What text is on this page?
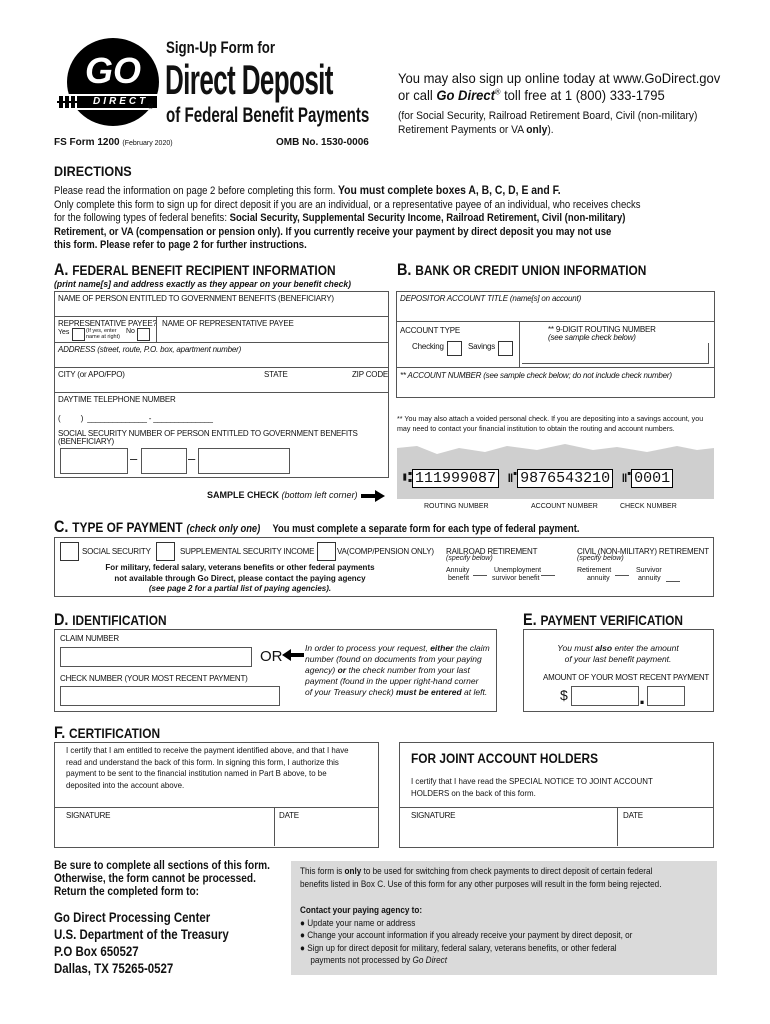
GO
DIRECT
®
Sign-Up Form for
Direct Deposit
of Federal Benefit Payments
FS Form 1200 (February 2020)	OMB No. 1530-0006
You may also sign up online today at www.GoDirect.gov
or call Go Direct® toll free at 1 (800) 333-1795
(for Social Security, Railroad Retirement Board, Civil (non-military)
Retirement Payments or VA only).
DIRECTIONS
Please read the information on page 2 before completing this form. You must complete boxes A, B, C, D, E and F.
Only complete this form to sign up for direct deposit if you are an individual, or a representative payee of an individual, who receives checks
for the following types of federal benefits: Social Security, Supplemental Security Income, Railroad Retirement, Civil (non-military)
Retirement, or VA (compensation or pension only). If you currently receive your payment by direct deposit you may not use
this form. Please refer to page 2 for further instructions.
A. FEDERAL BENEFIT RECIPIENT INFORMATION
(print name[s] and address exactly as they appear on your benefit check)
NAME OF PERSON ENTITLED TO GOVERNMENT BENEFITS (BENEFICIARY)
REPRESENTATIVE PAYEE?
Yes	(If yes, enter name at right)
No
NAME OF REPRESENTATIVE PAYEE
ADDRESS (street, route, P.O. box, apartment number)
CITY (or APO/FPO)	STATE	ZIP CODE
DAYTIME TELEPHONE NUMBER
(          )  ______________ - ______________
SOCIAL SECURITY NUMBER OF PERSON ENTITLED TO GOVERNMENT BENEFITS
(BENEFICIARY)
–	–
B. BANK OR CREDIT UNION INFORMATION
DEPOSITOR ACCOUNT TITLE (name[s] on account)
ACCOUNT TYPE
Checking	Savings
** 9-DIGIT ROUTING NUMBER
(see sample check below)
** ACCOUNT NUMBER (see sample check below; do not include check number)
** You may also attach a voided personal check. If you are depositing into a savings account, you
may need to contact your financial institution to obtain the routing and account numbers.
⑆ 111999087 ⑈ 9876543210 ⑈ 0001
SAMPLE CHECK (bottom left corner)
ROUTING NUMBER	ACCOUNT NUMBER	CHECK NUMBER
C. TYPE OF PAYMENT (check only one) You must complete a separate form for each type of federal payment.
SOCIAL SECURITY	SUPPLEMENTAL SECURITY INCOME	VA(COMP/PENSION ONLY) RAILROAD RETIREMENT
(specify below)
Annuity
benefit
Unemployment
survivor benefit
CIVIL (NON-MILITARY) RETIREMENT
(specify below)
Retirement
annuity
Survivor
annuity
For military, federal salary, veterans benefits or other federal payments
not available through Go Direct, please contact the paying agency
(see page 2 for a partial list of paying agencies).
D. IDENTIFICATION
CLAIM NUMBER
OR
CHECK NUMBER (YOUR MOST RECENT PAYMENT)
In order to process your request, either the claim
number (found on documents from your paying
agency) or the check number from your last
payment (found in the upper right-hand corner
of your Treasury check) must be entered at left.
E. PAYMENT VERIFICATION
You must also enter the amount
of your last benefit payment.
AMOUNT OF YOUR MOST RECENT PAYMENT
$	.
F. CERTIFICATION
I certify that I am entitled to receive the payment identified above, and that I have
read and understand the back of this form. In signing this form, I authorize this
payment to be sent to the financial institution named in Part B above, to be
deposited into the account above.
SIGNATURE	DATE
FOR JOINT ACCOUNT HOLDERS
I certify that I have read the SPECIAL NOTICE TO JOINT ACCOUNT
HOLDERS on the back of this form.
SIGNATURE	DATE
Be sure to complete all sections of this form.
Otherwise, the form cannot be processed.
Return the completed form to:
Go Direct Processing Center
U.S. Department of the Treasury
P.O Box 650527
Dallas, TX 75265-0527
This form is only to be used for switching from check payments to direct deposit of certain federal
benefits listed in Box C. Use of this form for any other purposes will result in the form being rejected.
Contact your paying agency to:
● Update your name or address
● Change your account information if you already receive your payment by direct deposit, or
● Sign up for direct deposit for military, federal salary, veterans benefits, or other federal
payments not processed by Go Direct
